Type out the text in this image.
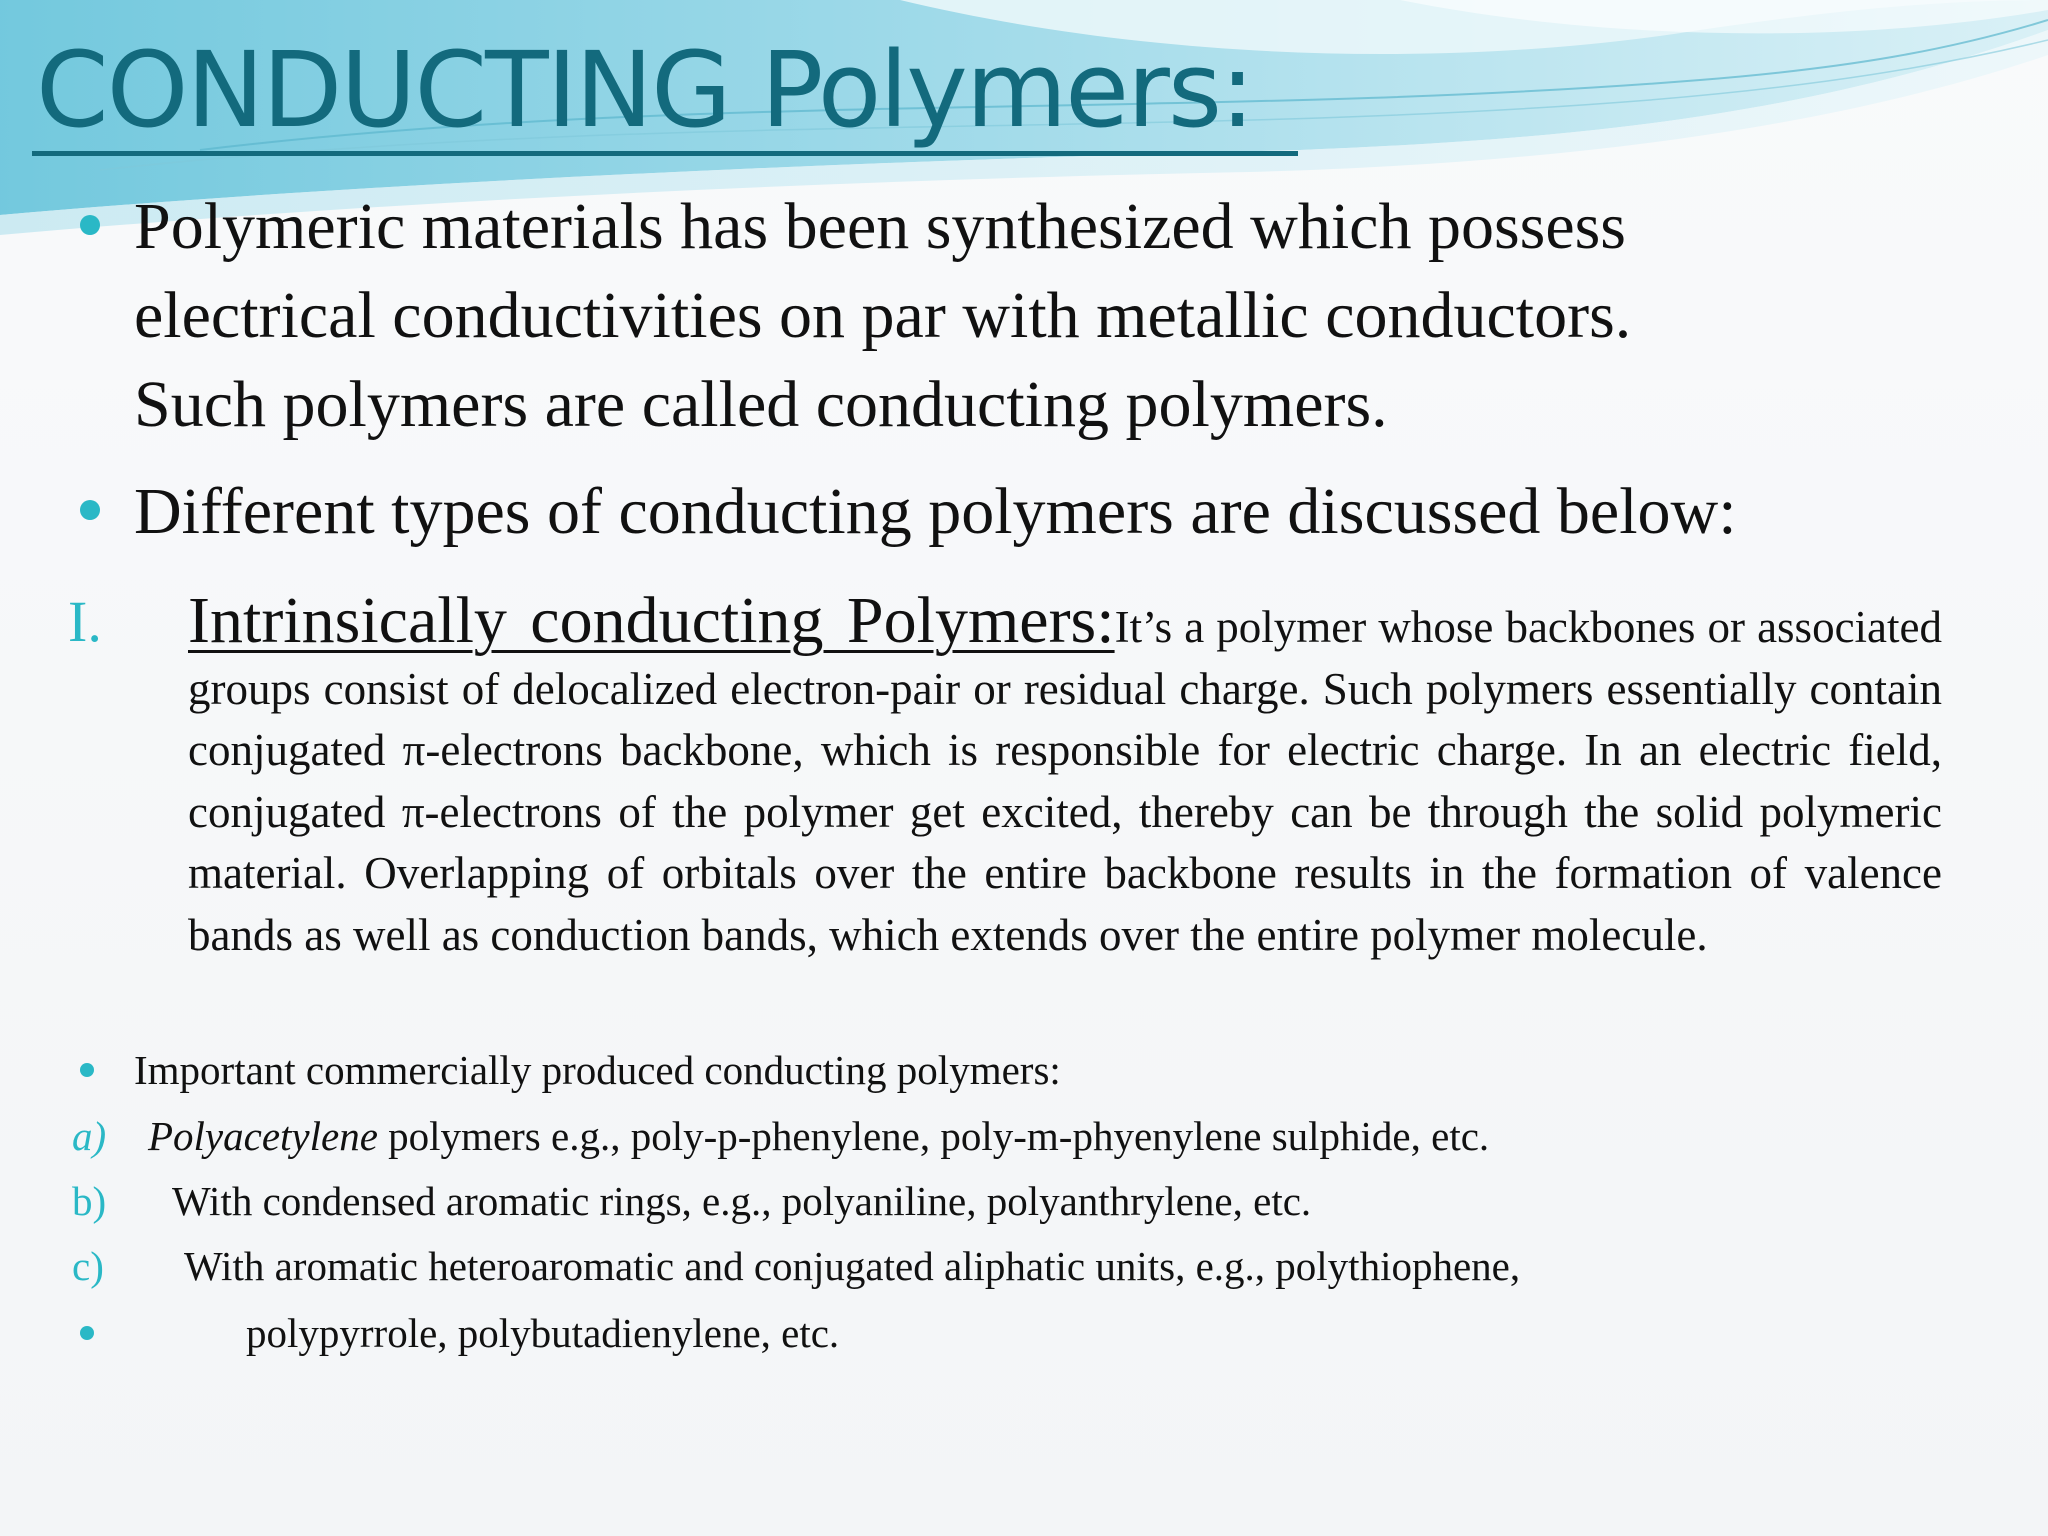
CONDUCTING Polymers:
Polymeric materials has been synthesized which possess
electrical conductivities on par with metallic conductors.
Such polymers are called conducting polymers.
Different types of conducting polymers are discussed below:
I. Intrinsically conducting Polymers:It’s a polymer whose backbones or associated groups consist of delocalized electron-pair or residual charge. Such polymers essentially contain conjugated π-electrons backbone, which is responsible for electric charge. In an electric field, conjugated π-electrons of the polymer get excited, thereby can be through the solid polymeric material. Overlapping of orbitals over the entire backbone results in the formation of valence bands as well as conduction bands, which extends over the entire polymer molecule.
Important commercially produced conducting polymers:
a) Polyacetylene polymers e.g., poly-p-phenylene, poly-m-phyenylene sulphide, etc.
b) With condensed aromatic rings, e.g., polyaniline, polyanthrylene, etc.
c) With aromatic heteroaromatic and conjugated aliphatic units, e.g., polythiophene,
polypyrrole, polybutadienylene, etc.
